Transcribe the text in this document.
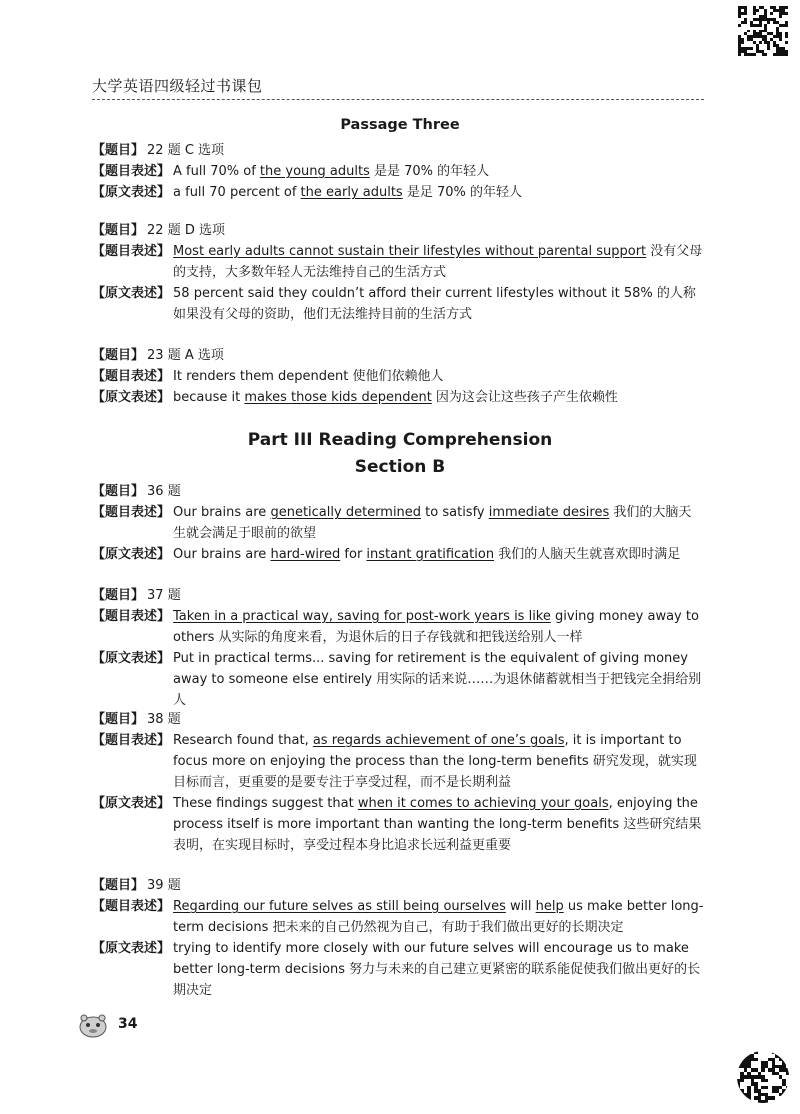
大学英语四级轻过书课包
Passage Three
【题目】 22 题 C 选项
【题目表述】 A full 70% of the young adults 是是 70% 的年轻人
【原文表述】 a full 70 percent of the early adults 是足 70% 的年轻人
【题目】 22 题 D 选项
【题目表述】 Most early adults cannot sustain their lifestyles without parental support 没有父母的支持，大多数年轻人无法维持自己的生活方式
【原文表述】 58 percent said they couldn’t afford their current lifestyles without it 58% 的人称如果没有父母的资助，他们无法维持目前的生活方式
【题目】 23 题 A 选项
【题目表述】 It renders them dependent 使他们依赖他人
【原文表述】 because it makes those kids dependent 因为这会让这些孩子产生依赖性
Part III Reading Comprehension
Section B
【题目】 36 题
【题目表述】 Our brains are genetically determined to satisfy immediate desires 我们的大脑天生就会满足于眼前的欲望
【原文表述】 Our brains are hard-wired for instant gratification 我们的人脑天生就喜欢即时满足
【题目】 37 题
【题目表述】 Taken in a practical way, saving for post-work years is like giving money away to others 从实际的角度来看，为退休后的日子存钱就和把钱送给别人一样
【原文表述】 Put in practical terms... saving for retirement is the equivalent of giving money away to someone else entirely 用实际的话来说……为退休储蓄就相当于把钱完全捐给别人
【题目】 38 题
【题目表述】 Research found that, as regards achievement of one’s goals, it is important to focus more on enjoying the process than the long-term benefits 研究发现，就实现目标而言，更重要的是要专注于享受过程，而不是长期利益
【原文表述】 These findings suggest that when it comes to achieving your goals, enjoying the process itself is more important than wanting the long-term benefits 这些研究结果表明，在实现目标时，享受过程本身比追求长远利益更重要
【题目】 39 题
【题目表述】 Regarding our future selves as still being ourselves will help us make better long-term decisions 把未来的自己仍然视为自己，有助于我们做出更好的长期决定
【原文表述】 trying to identify more closely with our future selves will encourage us to make better long-term decisions 努力与未来的自己建立更紧密的联系能促使我们做出更好的长期决定
34
